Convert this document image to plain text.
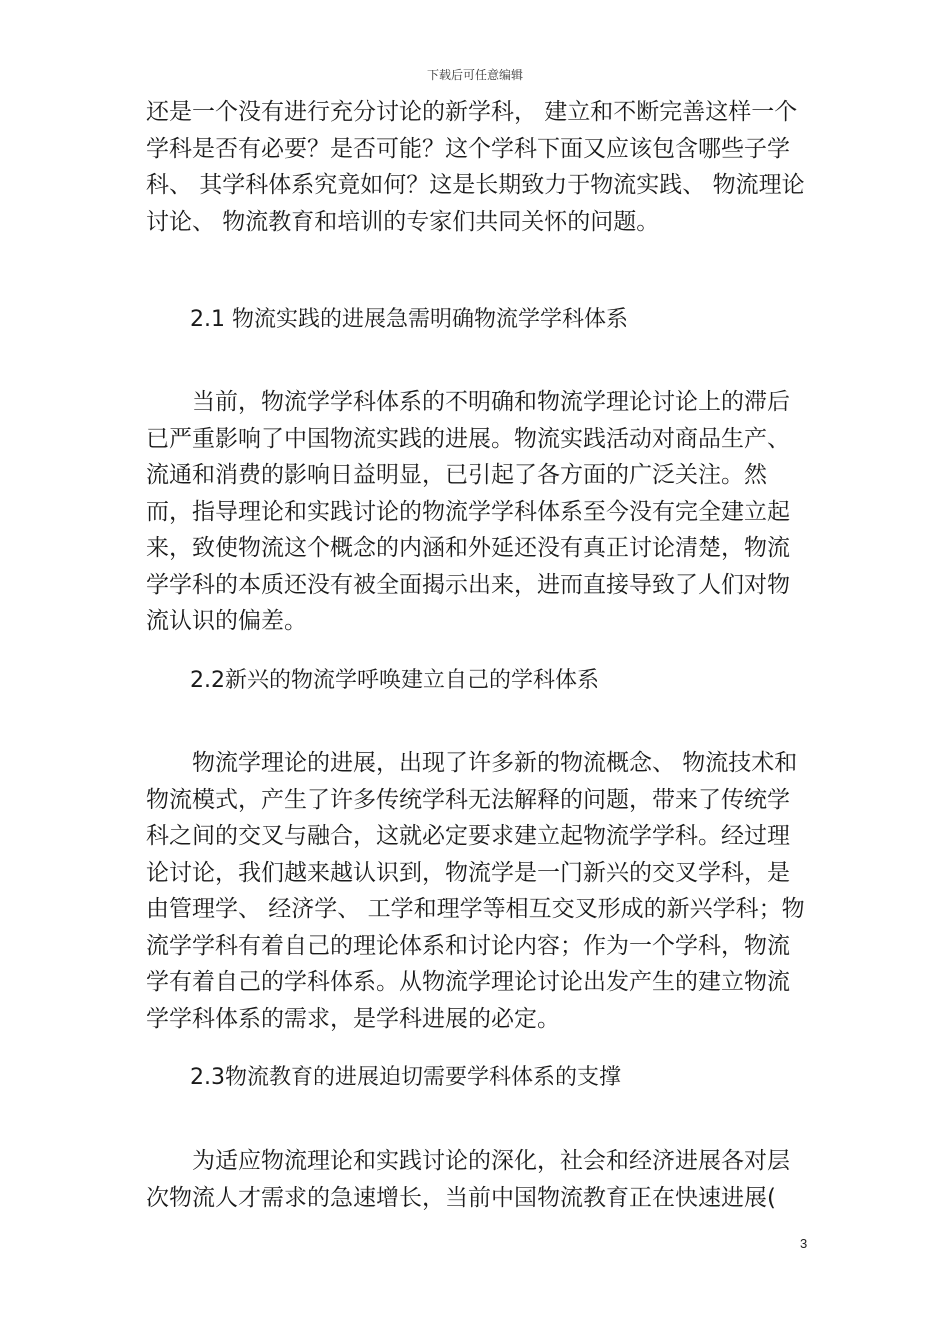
下载后可任意编辑

还是一个没有进行充分讨论的新学科， 建立和不断完善这样一个学科是否有必要？是否可能？这个学科下面又应该包含哪些子学科、 其学科体系究竟如何？这是长期致力于物流实践、 物流理论讨论、 物流教育和培训的专家们共同关怀的问题。

2.1 物流实践的进展急需明确物流学学科体系

当前，物流学学科体系的不明确和物流学理论讨论上的滞后已严重影响了中国物流实践的进展。物流实践活动对商品生产、流通和消费的影响日益明显，已引起了各方面的广泛关注。然而，指导理论和实践讨论的物流学学科体系至今没有完全建立起来，致使物流这个概念的内涵和外延还没有真正讨论清楚，物流学学科的本质还没有被全面揭示出来，进而直接导致了人们对物流认识的偏差。

2.2新兴的物流学呼唤建立自己的学科体系

物流学理论的进展，出现了许多新的物流概念、 物流技术和物流模式，产生了许多传统学科无法解释的问题，带来了传统学科之间的交叉与融合，这就必定要求建立起物流学学科。经过理论讨论，我们越来越认识到，物流学是一门新兴的交叉学科，是由管理学、 经济学、 工学和理学等相互交叉形成的新兴学科；物流学学科有着自己的理论体系和讨论内容；作为一个学科，物流学有着自己的学科体系。从物流学理论讨论出发产生的建立物流学学科体系的需求，是学科进展的必定。

2.3物流教育的进展迫切需要学科体系的支撑

为适应物流理论和实践讨论的深化，社会和经济进展各对层次物流人才需求的急速增长，当前中国物流教育正在快速进展(

3
